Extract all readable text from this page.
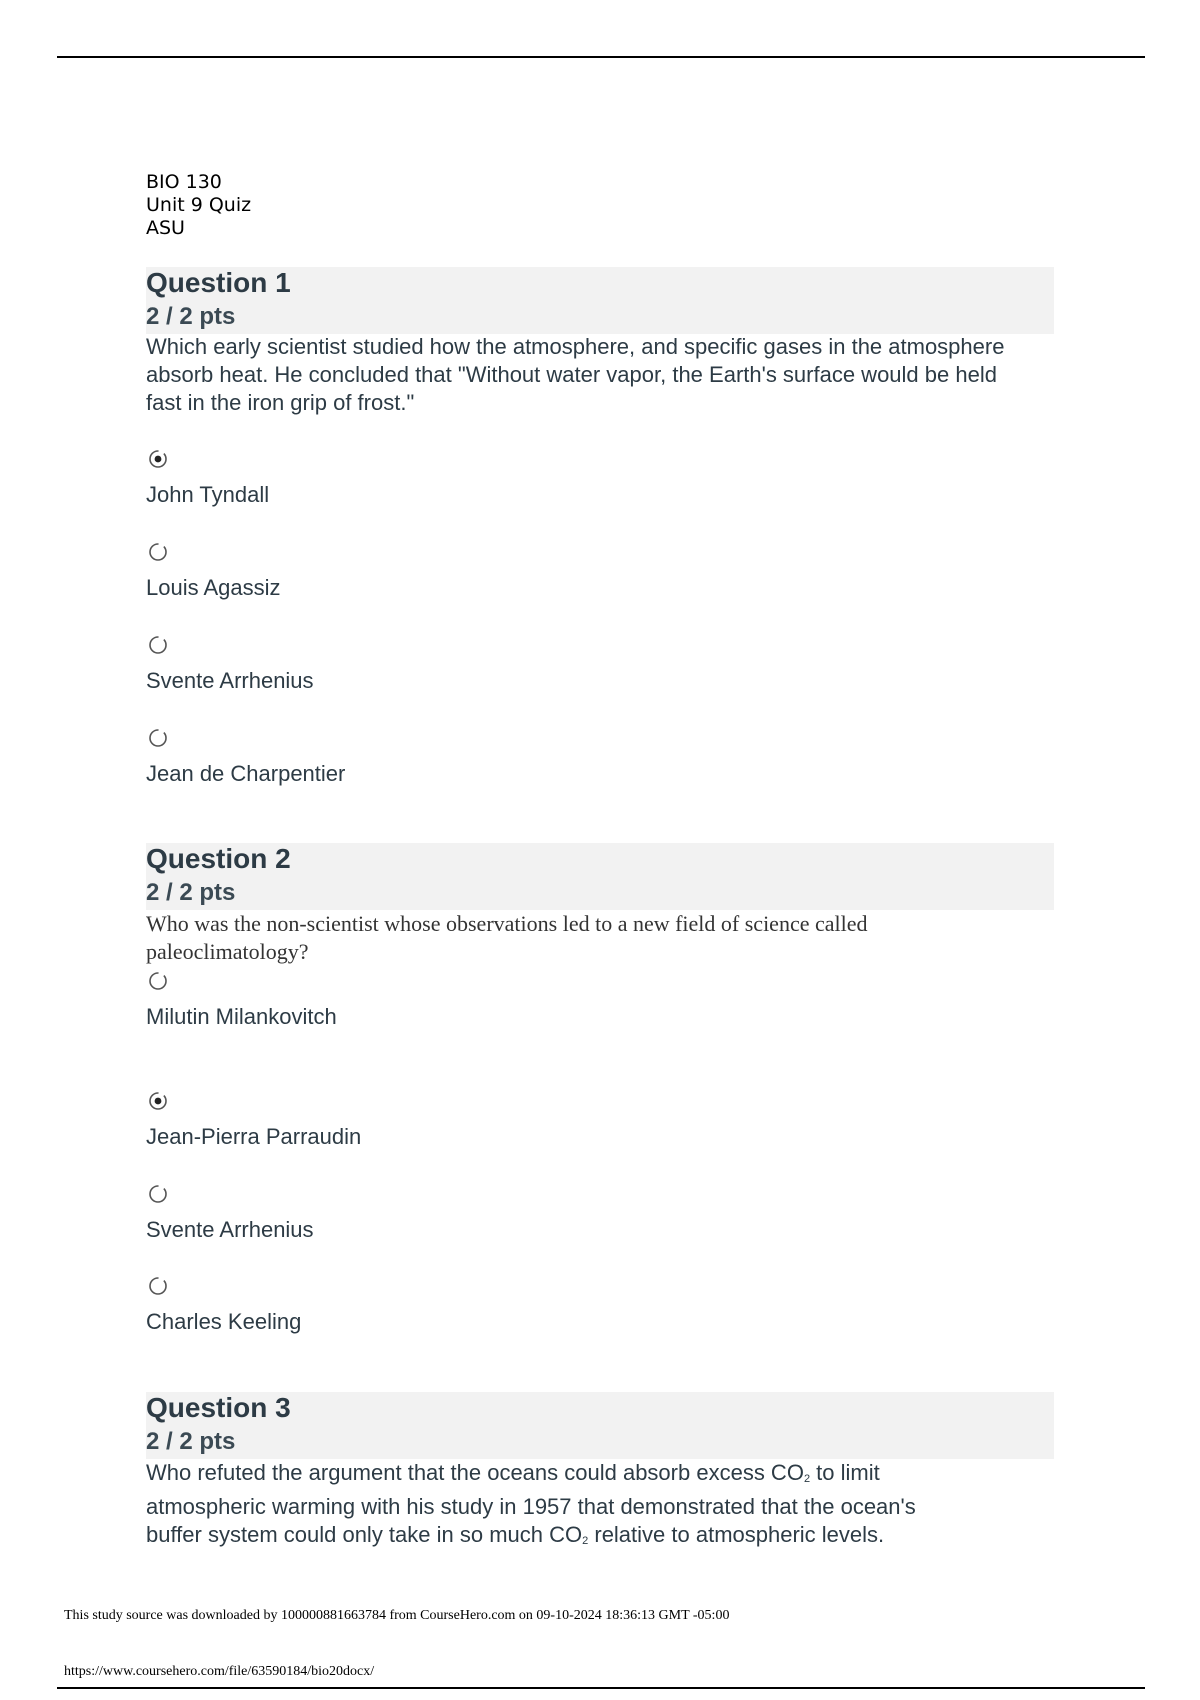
BIO 130
Unit 9 Quiz
ASU
Question 1
2 / 2 pts
Which early scientist studied how the atmosphere, and specific gases in the atmosphere absorb heat. He concluded that "Without water vapor, the Earth's surface would be held fast in the iron grip of frost."
John Tyndall
Louis Agassiz
Svente Arrhenius
Jean de Charpentier
Question 2
2 / 2 pts
Who was the non-scientist whose observations led to a new field of science called paleoclimatology?
Milutin Milankovitch
Jean-Pierra Parraudin
Svente Arrhenius
Charles Keeling
Question 3
2 / 2 pts
Who refuted the argument that the oceans could absorb excess $CO_2$ to limit
atmospheric warming with his study in 1957 that demonstrated that the ocean's
buffer system could only take in so much $CO_2$ relative to atmospheric levels.
This study source was downloaded by 100000881663784 from CourseHero.com on 09-10-2024 18:36:13 GMT -05:00
https://www.coursehero.com/file/63590184/bio20docx/
